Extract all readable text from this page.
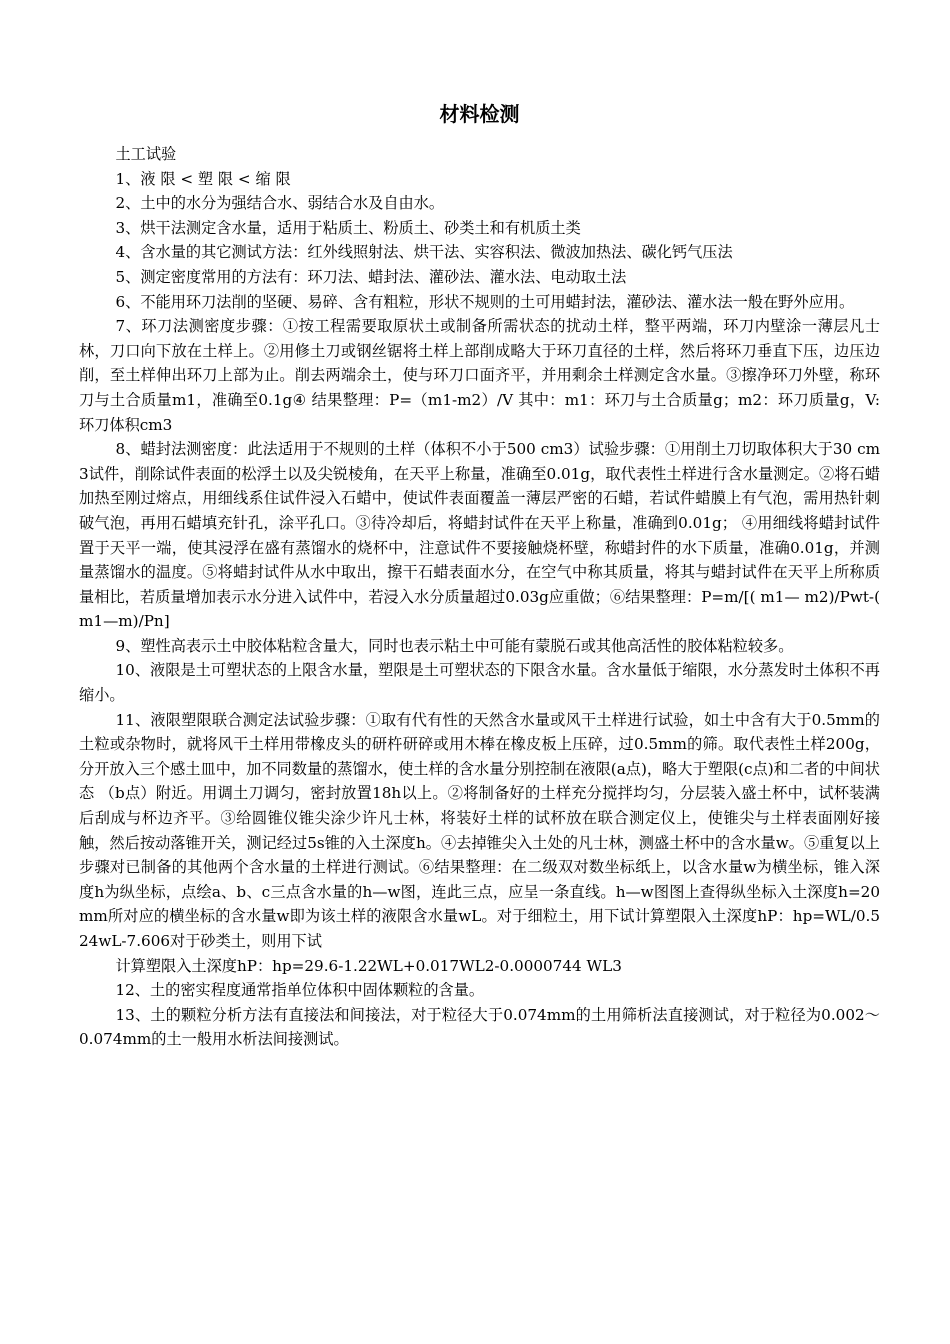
材料检测

土工试验

1、液 限 < 塑 限 < 缩 限

2、土中的水分为强结合水、弱结合水及自由水。

3、烘干法测定含水量，适用于粘质土、粉质土、砂类土和有机质土类

4、含水量的其它测试方法：红外线照射法、烘干法、实容积法、微波加热法、碳化钙气压法

5、测定密度常用的方法有：环刀法、蜡封法、灌砂法、灌水法、电动取土法

6、不能用环刀法削的坚硬、易碎、含有粗粒，形状不规则的土可用蜡封法，灌砂法、灌水法一般在野外应用。

7、环刀法测密度步骤：①按工程需要取原状土或制备所需状态的扰动土样，整平两端，环刀内壁涂一薄层凡士林，刀口向下放在土样上。②用修土刀或钢丝锯将土样上部削成略大于环刀直径的土样，然后将环刀垂直下压，边压边削，至土样伸出环刀上部为止。削去两端余土，使与环刀口面齐平，并用剩余土样测定含水量。③擦净环刀外壁，称环刀与土合质量m1，准确至0.1g④ 结果整理：P=（m1-m2）/V 其中：m1：环刀与土合质量g；m2：环刀质量g，V:环刀体积cm3

8、蜡封法测密度：此法适用于不规则的土样（体积不小于500 cm3）试验步骤：①用削土刀切取体积大于30 cm3试件，削除试件表面的松浮土以及尖锐棱角，在天平上称量，准确至0.01g，取代表性土样进行含水量测定。②将石蜡加热至刚过熔点，用细线系住试件浸入石蜡中，使试件表面覆盖一薄层严密的石蜡，若试件蜡膜上有气泡，需用热针刺破气泡，再用石蜡填充针孔，涂平孔口。③待冷却后，将蜡封试件在天平上称量，准确到0.01g； ④用细线将蜡封试件置于天平一端，使其浸浮在盛有蒸馏水的烧杯中，注意试件不要接触烧杯壁，称蜡封件的水下质量，准确0.01g，并测量蒸馏水的温度。⑤将蜡封试件从水中取出，擦干石蜡表面水分，在空气中称其质量，将其与蜡封试件在天平上所称质量相比，若质量增加表示水分进入试件中，若浸入水分质量超过0.03g应重做；⑥结果整理：P=m/[( m1— m2)/Pwt-( m1—m)/Pn]

9、塑性高表示土中胶体粘粒含量大，同时也表示粘土中可能有蒙脱石或其他高活性的胶体粘粒较多。

10、液限是土可塑状态的上限含水量，塑限是土可塑状态的下限含水量。含水量低于缩限，水分蒸发时土体积不再缩小。

11、液限塑限联合测定法试验步骤：①取有代有性的天然含水量或风干土样进行试验，如土中含有大于0.5mm的土粒或杂物时，就将风干土样用带橡皮头的研杵研碎或用木棒在橡皮板上压碎，过0.5mm的筛。取代表性土样200g，分开放入三个感土皿中，加不同数量的蒸馏水，使土样的含水量分别控制在液限(a点)，略大于塑限(c点)和二者的中间状态 （b点）附近。用调土刀调匀，密封放置18h以上。②将制备好的土样充分搅拌均匀，分层装入盛土杯中，试杯装满后刮成与杯边齐平。③给圆锥仪锥尖涂少许凡士林，将装好土样的试杯放在联合测定仪上，使锥尖与土样表面刚好接触，然后按动落锥开关，测记经过5s锥的入土深度h。④去掉锥尖入土处的凡士林，测盛土杯中的含水量w。⑤重复以上步骤对已制备的其他两个含水量的土样进行测试。⑥结果整理：在二级双对数坐标纸上，以含水量w为横坐标，锥入深度h为纵坐标，点绘a、b、c三点含水量的h—w图，连此三点，应呈一条直线。h—w图图上查得纵坐标入土深度h=20mm所对应的横坐标的含水量w即为该土样的液限含水量wL。对于细粒土，用下试计算塑限入土深度hP：hp=WL/0.524wL-7.606对于砂类土，则用下试

计算塑限入土深度hP：hp=29.6-1.22WL+0.017WL2-0.0000744 WL3

12、土的密实程度通常指单位体积中固体颗粒的含量。

13、土的颗粒分析方法有直接法和间接法，对于粒径大于0.074mm的土用筛析法直接测试，对于粒径为0.002～0.074mm的土一般用水析法间接测试。
